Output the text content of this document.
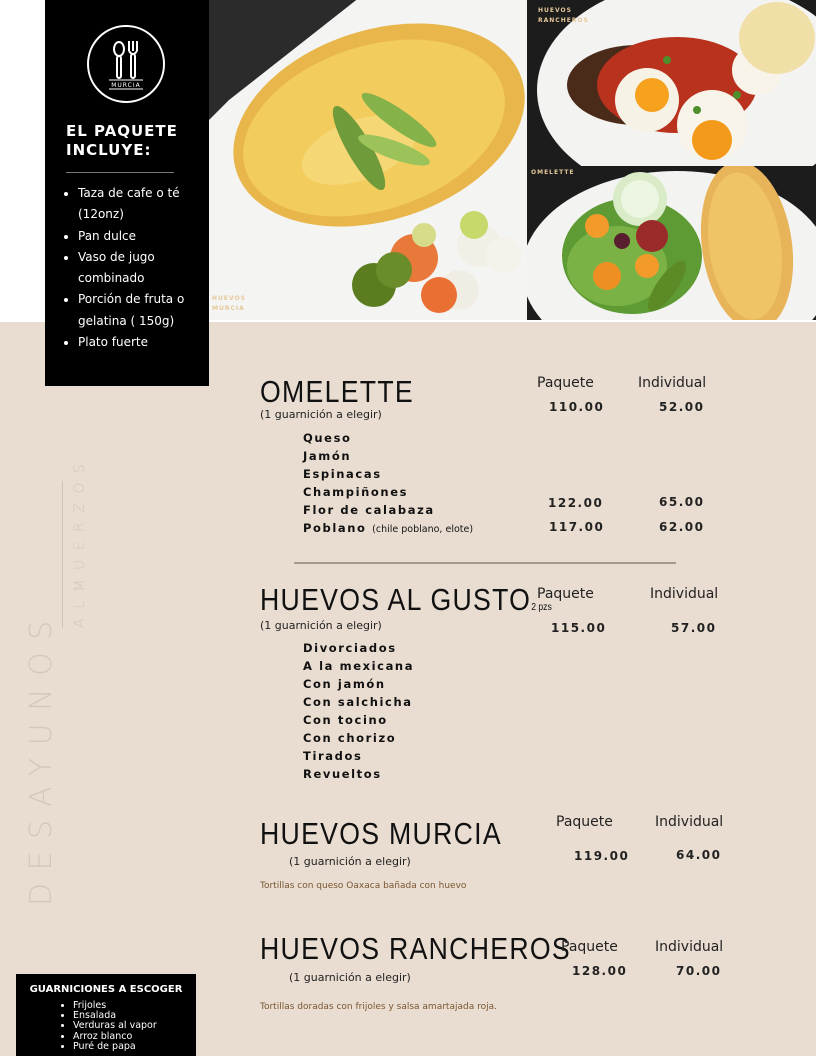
HUEVOS
MURCIA
HUEVOS
RANCHEROS
OMELETTE
MURCIA
EL PAQUETE INCLUYE:
• Taza de cafe o té (12onz)
• Pan dulce
• Vaso de jugo combinado
• Porción de fruta o gelatina ( 150g)
• Plato fuerte
DESAYUNOS
ALMUERZOS
OMELETTE
(1 guarnición a elegir)
Paquete	Individual
110.00	52.00

Queso

Jamón

Espinacas

Champiñones

Flor de calabaza

Poblano (chile poblano, elote)

122.00	65.00
117.00	62.00
HUEVOS AL GUSTO2 pzs
(1 guarnición a elegir)
Paquete	Individual
115.00	57.00

Divorciados

A la mexicana

Con jamón

Con salchicha

Con tocino

Con chorizo

Tirados

Revueltos

HUEVOS MURCIA
(1 guarnición a elegir)
Paquete	Individual
119.00	64.00
Tortillas con queso Oaxaca bañada con huevo
HUEVOS RANCHEROS
(1 guarnición a elegir)
Paquete	Individual
128.00	70.00
Tortillas doradas con frijoles y salsa amartajada roja.
GUARNICIONES A ESCOGER
• Frijoles
• Ensalada
• Verduras al vapor
• Arroz blanco
• Puré de papa
